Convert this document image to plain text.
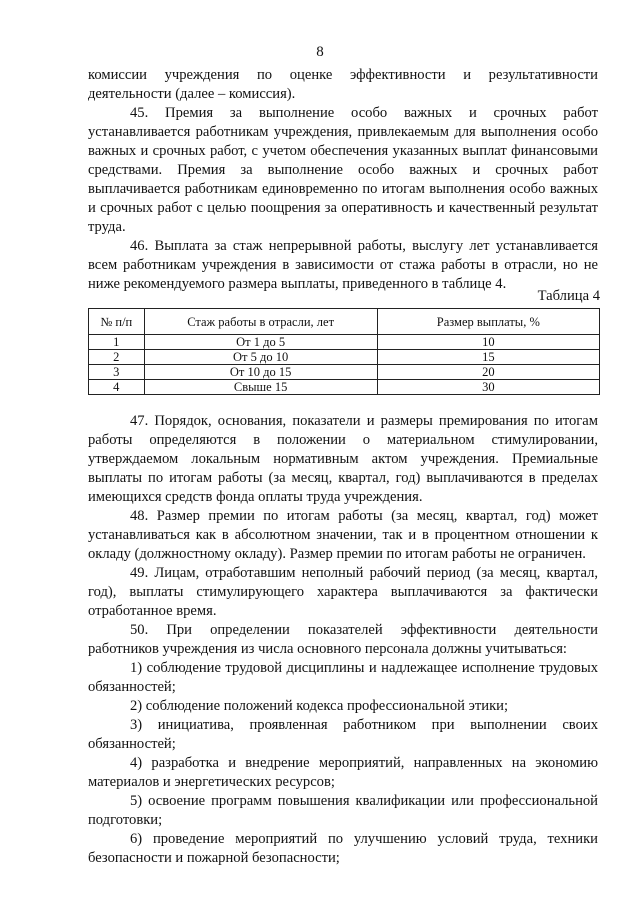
8

комиссии учреждения по оценке эффективности и результативности деятельности (далее – комиссия).

45. Премия за выполнение особо важных и срочных работ устанавливается работникам учреждения, привлекаемым для выполнения особо важных и срочных работ, с учетом обеспечения указанных выплат финансовыми средствами. Премия за выполнение особо важных и срочных работ выплачивается работникам единовременно по итогам выполнения особо важных и срочных работ с целью поощрения за оперативность и качественный результат труда.

46. Выплата за стаж непрерывной работы, выслугу лет устанавливается всем работникам учреждения в зависимости от стажа работы в отрасли, но не ниже рекомендуемого размера выплаты, приведенного в таблице 4.

Таблица 4
№ п/п	Стаж работы в отрасли, лет	Размер выплаты, %
1	От 1 до 5	10
2	От 5 до 10	15
3	От 10 до 15	20
4	Свыше 15	30

47. Порядок, основания, показатели и размеры премирования по итогам работы определяются в положении о материальном стимулировании, утверждаемом локальным нормативным актом учреждения. Премиальные выплаты по итогам работы (за месяц, квартал, год) выплачиваются в пределах имеющихся средств фонда оплаты труда учреждения.

48. Размер премии по итогам работы (за месяц, квартал, год) может устанавливаться как в абсолютном значении, так и в процентном отношении к окладу (должностному окладу). Размер премии по итогам работы не ограничен.

49. Лицам, отработавшим неполный рабочий период (за месяц, квартал, год), выплаты стимулирующего характера выплачиваются за фактически отработанное время.

50. При определении показателей эффективности деятельности работников учреждения из числа основного персонала должны учитываться:

1) соблюдение трудовой дисциплины и надлежащее исполнение трудовых обязанностей;

2) соблюдение положений кодекса профессиональной этики;

3) инициатива, проявленная работником при выполнении своих обязанностей;

4) разработка и внедрение мероприятий, направленных на экономию материалов и энергетических ресурсов;

5) освоение программ повышения квалификации или профессиональной подготовки;

6) проведение мероприятий по улучшению условий труда, техники безопасности и пожарной безопасности;
